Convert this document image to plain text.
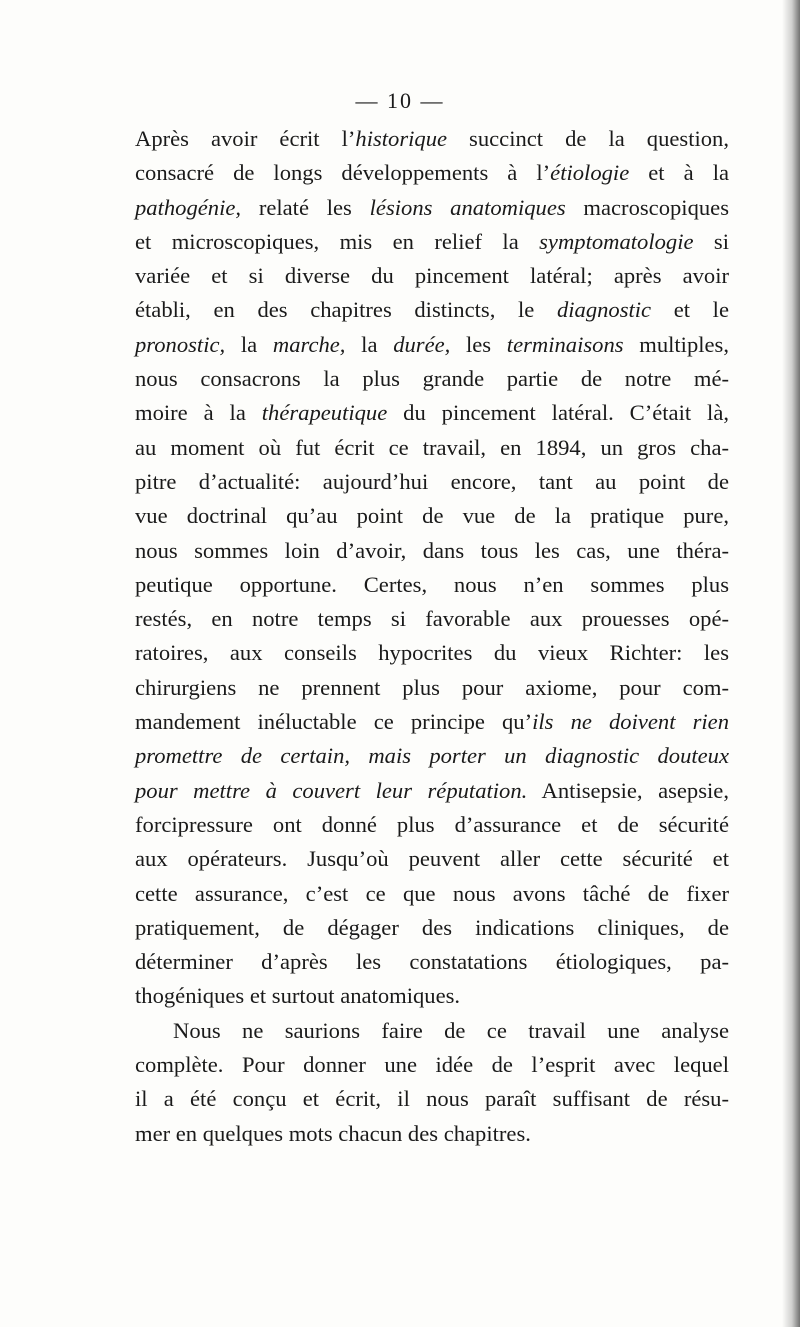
— 10 —
Après avoir écrit l’historique succinct de la question,
consacré de longs développements à l’étiologie et à la
pathogénie, relaté les lésions anatomiques macroscopiques
et microscopiques, mis en relief la symptomatologie si
variée et si diverse du pincement latéral; après avoir
établi, en des chapitres distincts, le diagnostic et le
pronostic, la marche, la durée, les terminaisons multiples,
nous consacrons la plus grande partie de notre mé-
moire à la thérapeutique du pincement latéral. C’était là,
au moment où fut écrit ce travail, en 1894, un gros cha-
pitre d’actualité: aujourd’hui encore, tant au point de
vue doctrinal qu’au point de vue de la pratique pure,
nous sommes loin d’avoir, dans tous les cas, une théra-
peutique opportune. Certes, nous n’en sommes plus
restés, en notre temps si favorable aux prouesses opé-
ratoires, aux conseils hypocrites du vieux Richter: les
chirurgiens ne prennent plus pour axiome, pour com-
mandement inéluctable ce principe qu’ils ne doivent rien
promettre de certain, mais porter un diagnostic douteux
pour mettre à couvert leur réputation. Antisepsie, asepsie,
forcipressure ont donné plus d’assurance et de sécurité
aux opérateurs. Jusqu’où peuvent aller cette sécurité et
cette assurance, c’est ce que nous avons tâché de fixer
pratiquement, de dégager des indications cliniques, de
déterminer d’après les constatations étiologiques, pa-
thogéniques et surtout anatomiques.
Nous ne saurions faire de ce travail une analyse
complète. Pour donner une idée de l’esprit avec lequel
il a été conçu et écrit, il nous paraît suffisant de résu-
mer en quelques mots chacun des chapitres.
